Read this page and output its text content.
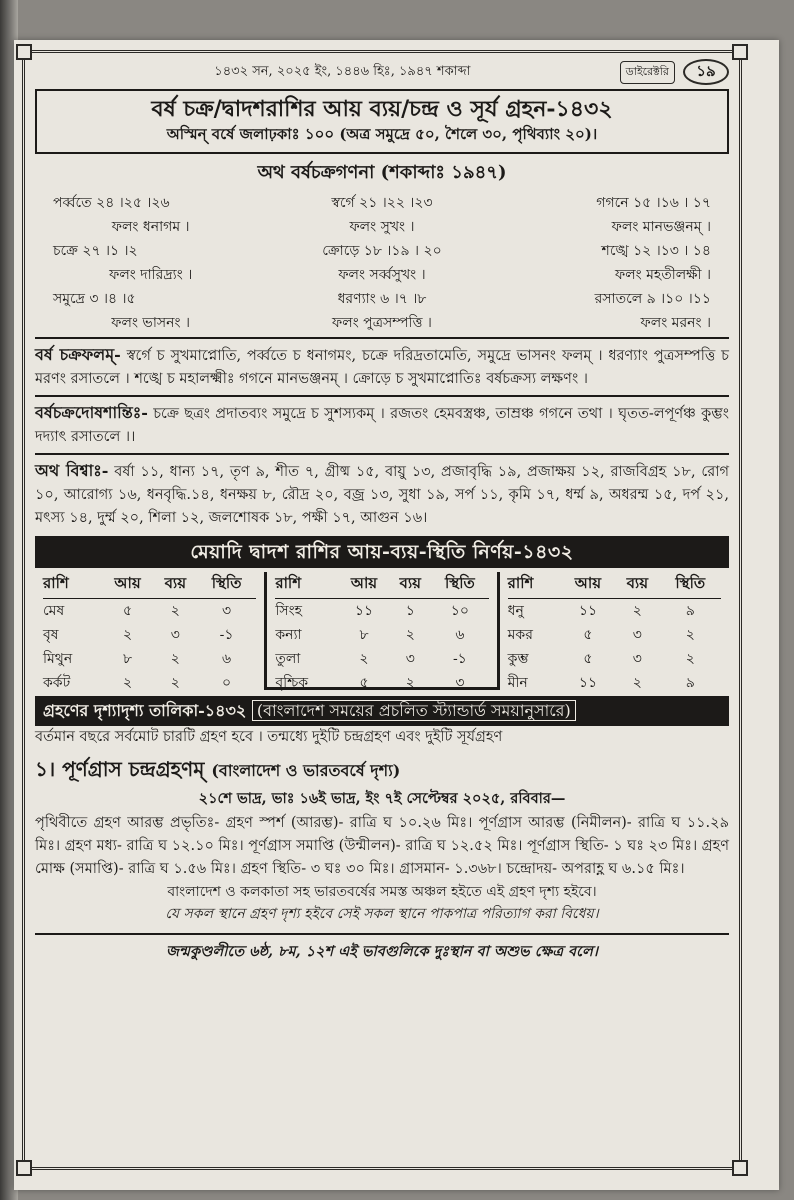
১৪৩২ সন, ২০২৫ ইং, ১৪৪৬ হিঃ, ১৯৪৭ শকাব্দা	ডাইরেক্টরি	১৯
বর্ষ চক্র/দ্বাদশরাশির আয় ব্যয়/চন্দ্র ও সূর্য গ্রহন-১৪৩২
অস্মিন্ বর্ষে জলাঢ়কাঃ ১০০ (অত্র সমুদ্রে ৫০, শৈলে ৩০, পৃথিব্যাং ২০)।
অথ বর্ষচক্রগণনা (শকাব্দাঃ ১৯৪৭)
পর্ব্বতে ২৪ ।২৫ ।২৬	স্বর্গে ২১ ।২২ ।২৩	গগনে ১৫ ।১৬ । ১৭
ফলং ধনাগম ।	ফলং সুখং ।	ফলং মানভঞ্জনম্ ।
চক্রে ২৭ ।১ ।২	ক্রোড়ে ১৮ ।১৯ । ২০	শঙ্খে ১২ ।১৩ । ১৪
ফলং দারিদ্র্যং ।	ফলং সর্ব্বসুখং ।	ফলং মহতীলক্ষী ।
সমুদ্রে ৩ ।৪ ।৫	ধরণ্যাং ৬ ।৭ ।৮	রসাতলে ৯ ।১০ ।১১
ফলং ভাসনং ।	ফলং পুত্রসম্পত্তি ।	ফলং মরনং ।

বর্ষ চক্রফলম্- স্বর্গে চ সুখমাপ্নোতি, পর্ব্বতে চ ধনাগমং, চক্রে দরিদ্রতামেতি, সমুদ্রে ভাসনং ফলম্ । ধরণ্যাং পুত্রসম্পত্তি চ মরণং রসাতলে । শঙ্খে চ মহালক্ষ্মীঃ গগনে মানভঞ্জনম্ । ক্রোড়ে চ সুখমাপ্নোতিঃ বর্ষচক্রস্য লক্ষণং ।

বর্ষচক্রদোষশান্তিঃ- চক্রে ছত্রং প্রদাতব্যং সমুদ্রে চ সুশস্যকম্ । রজতং হেমবস্ত্রঞ্চ, তাম্রঞ্চ গগনে তথা । ঘৃতত-লপূর্ণঞ্চ কুম্ভং দদ্যাৎ রসাতলে ।।

অথ বিশ্বাঃ- বর্ষা ১১, ধান্য ১৭, তৃণ ৯, শীত ৭, গ্রীষ্ম ১৫, বায়ু ১৩, প্রজাবৃদ্ধি ১৯, প্রজাক্ষয় ১২, রাজবিগ্রহ ১৮, রোগ ১০, আরোগ্য ১৬, ধনবৃদ্ধি.১৪, ধনক্ষয় ৮, রৌদ্র ২০, বজ্র ১৩, সুধা ১৯, সর্প ১১, কৃমি ১৭, ধর্ম্ম ৯, অধরম্ম ১৫, দর্প ২১, মৎস্য ১৪, দুর্ম্ম ২০, শিলা ১২, জলশোষক ১৮, পক্ষী ১৭, আগুন ১৬।

মেয়াদি দ্বাদশ রাশির আয়-ব্যয়-স্থিতি নির্ণয়-১৪৩২
রাশি	আয়	ব্যয়	স্থিতি
মেষ	৫	২	৩
বৃষ	২	৩	-১
মিথুন	৮	২	৬
কর্কট	২	২	০
রাশি	আয়	ব্যয়	স্থিতি
সিংহ	১১	১	১০
কন্যা	৮	২	৬
তুলা	২	৩	-১
বৃশ্চিক	৫	২	৩
রাশি	আয়	ব্যয়	স্থিতি
ধনু	১১	২	৯
মকর	৫	৩	২
কুম্ভ	৫	৩	২
মীন	১১	২	৯
গ্রহণের দৃশ্যাদৃশ্য তালিকা-১৪৩২ (বাংলাদেশ সময়ের প্রচলিত স্ট্যান্ডার্ড সময়ানুসারে)

বর্তমান বছরে সর্বমোট চারটি গ্রহণ হবে । তন্মধ্যে দুইটি চন্দ্রগ্রহণ এবং দুইটি সূর্যগ্রহণ

১। পূর্ণগ্রাস চন্দ্রগ্রহণম্ (বাংলাদেশ ও ভারতবর্ষে দৃশ্য)
২১শে ভাদ্র, ভাঃ ১৬ই ভাদ্র, ইং ৭ই সেপ্টেম্বর ২০২৫, রবিবার—

পৃথিবীতে গ্রহণ আরম্ভ প্রভৃতিঃ- গ্রহণ স্পর্শ (আরম্ভ)- রাত্রি ঘ ১০.২৬ মিঃ। পূর্ণগ্রাস আরম্ভ (নিমীলন)- রাত্রি ঘ ১১.২৯ মিঃ। গ্রহণ মধ্য- রাত্রি ঘ ১২.১০ মিঃ। পূর্ণগ্রাস সমাপ্তি (উন্মীলন)- রাত্রি ঘ ১২.৫২ মিঃ। পূর্ণগ্রাস স্থিতি- ১ ঘঃ ২৩ মিঃ। গ্রহণ মোক্ষ (সমাপ্তি)- রাত্রি ঘ ১.৫৬ মিঃ। গ্রহণ স্থিতি- ৩ ঘঃ ৩০ মিঃ। গ্রাসমান- ১.৩৬৮। চন্দ্রোদয়- অপরাহ্ণ ঘ ৬.১৫ মিঃ।

বাংলাদেশ ও কলকাতা সহ ভারতবর্ষের সমস্ত অঞ্চল হইতে এই গ্রহণ দৃশ্য হইবে।

যে সকল স্থানে গ্রহণ দৃশ্য হইবে সেই সকল স্থানে পাকপাত্র পরিত্যাগ করা বিধেয়।

জন্মকুণ্ডলীতে ৬ষ্ঠ, ৮ম, ১২শ এই ভাবগুলিকে দুঃস্থান বা অশুভ ক্ষেত্র বলে।
